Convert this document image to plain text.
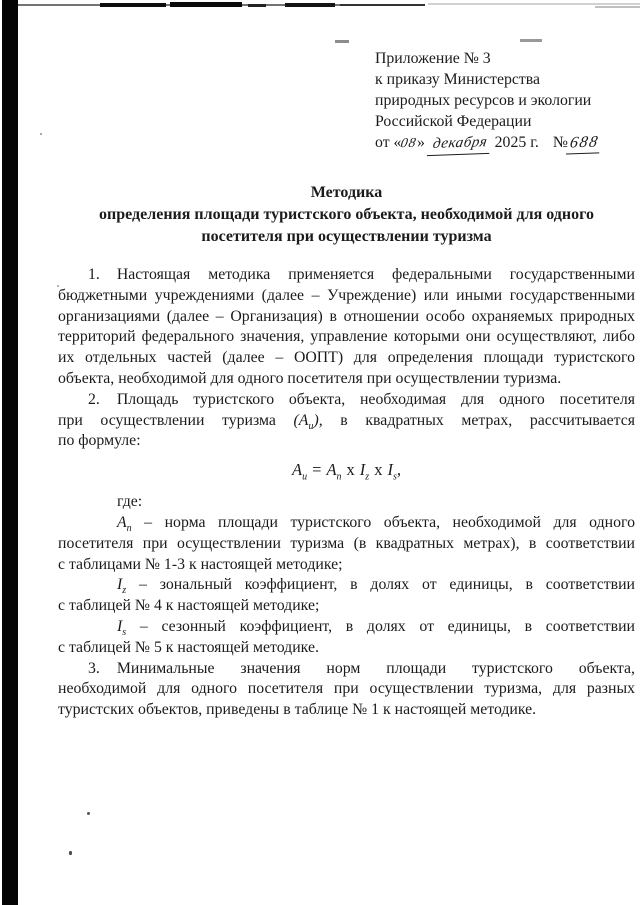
Приложение № 3
к приказу Министерства
природных ресурсов и экологии
Российской Федерации
от «08» декабря 2025 г. №688
Методика
определения площади туристского объекта, необходимой для одного
посетителя при осуществлении туризма
1. Настоящая методика применяется федеральными государственными
бюджетными учреждениями (далее – Учреждение) или иными государственными
организациями (далее – Организация) в отношении особо охраняемых природных
территорий федерального значения, управление которыми они осуществляют, либо
их отдельных частей (далее – ООПТ) для определения площади туристского
объекта, необходимой для одного посетителя при осуществлении туризма.
2. Площадь туристского объекта, необходимая для одного посетителя
при осуществлении туризма $(A_и)$, в квадратных метрах, рассчитывается
по формуле:
$A_и = A_п$ x $I_z$ x $I_s$,
где:
$A_п$ – норма площади туристского объекта, необходимой для одного
посетителя при осуществлении туризма (в квадратных метрах), в соответствии
с таблицами № 1-3 к настоящей методике;
$I_z$ – зональный коэффициент, в долях от единицы, в соответствии
с таблицей № 4 к настоящей методике;
$I_s$ – сезонный коэффициент, в долях от единицы, в соответствии
с таблицей № 5 к настоящей методике.
3. Минимальные значения норм площади туристского объекта,
необходимой для одного посетителя при осуществлении туризма, для разных
туристских объектов, приведены в таблице № 1 к настоящей методике.
